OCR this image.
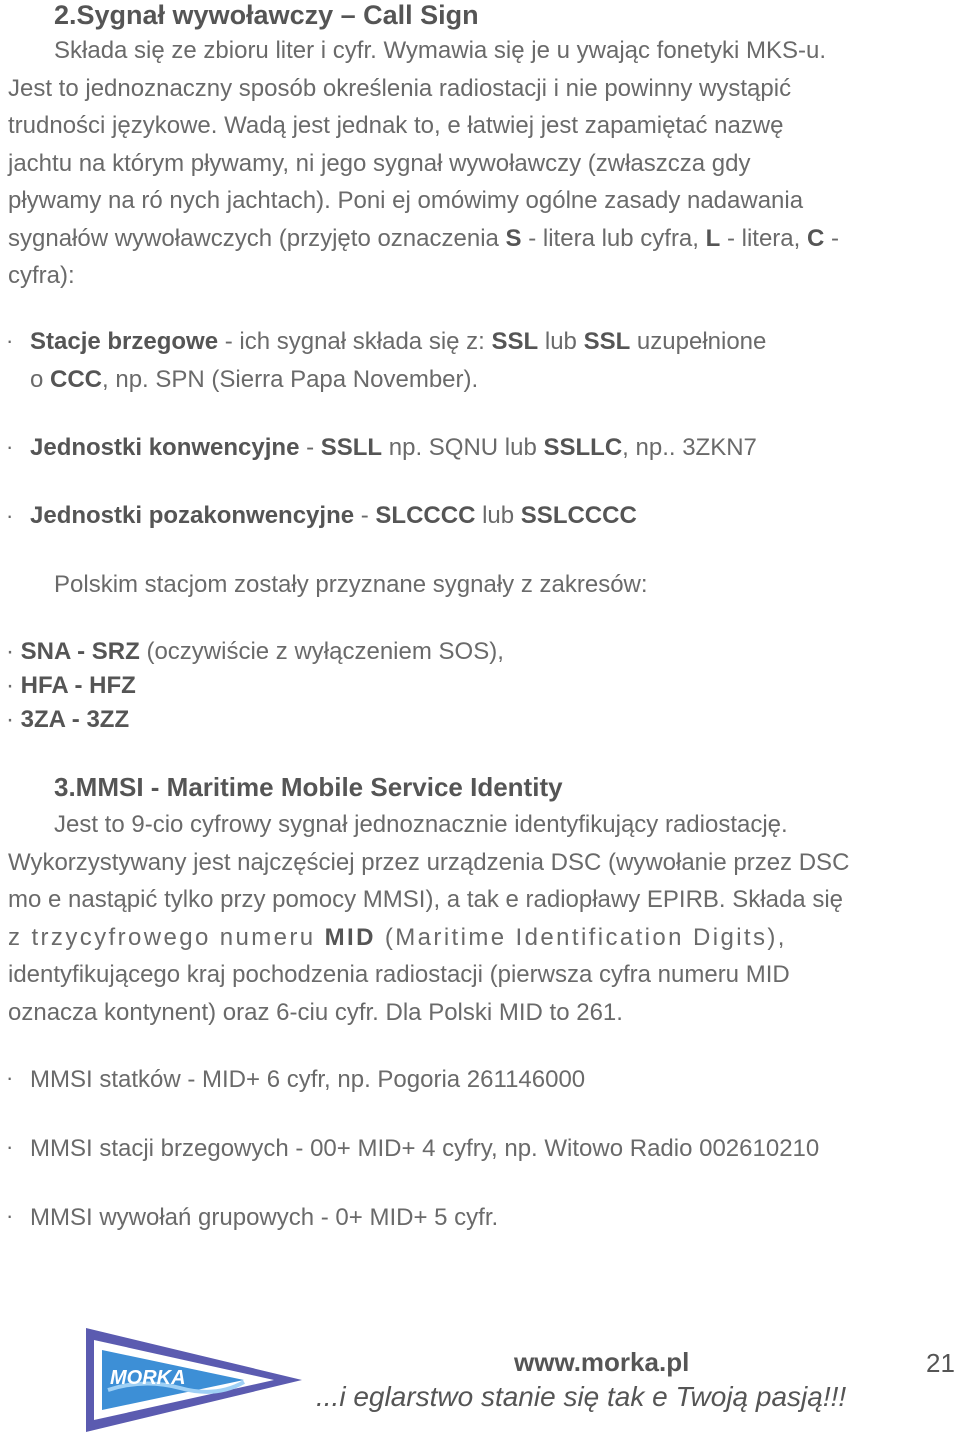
2.Sygnał wywoławczy – Call Sign

Składa się ze zbioru liter i cyfr. Wymawia się je u ywając fonetyki MKS-u.

Jest to jednoznaczny sposób określenia radiostacji i nie powinny wystąpić

trudności językowe. Wadą jest jednak to, e łatwiej jest zapamiętać nazwę

jachtu na którym pływamy, ni jego sygnał wywoławczy (zwłaszcza gdy

pływamy na ró nych jachtach). Poni ej omówimy ogólne zasady nadawania

sygnałów wywoławczych (przyjęto oznaczenia S - litera lub cyfra, L - litera, C -

cyfra):

· Stacje brzegowe - ich sygnał składa się z: SSL lub SSL uzupełnione

o CCC, np. SPN (Sierra Papa November).

· Jednostki konwencyjne - SSLL np. SQNU lub SSLLC, np.. 3ZKN7

· Jednostki pozakonwencyjne - SLCCCC lub SSLCCCC

Polskim stacjom zostały przyznane sygnały z zakresów:

· SNA - SRZ (oczywiście z wyłączeniem SOS),

· HFA - HFZ

· 3ZA - 3ZZ

3.MMSI - Maritime Mobile Service Identity

Jest to 9-cio cyfrowy sygnał jednoznacznie identyfikujący radiostację.

Wykorzystywany jest najczęściej przez urządzenia DSC (wywołanie przez DSC

mo e nastąpić tylko przy pomocy MMSI), a tak e radiopławy EPIRB. Składa się

z trzycyfrowego numeru MID (Maritime Identification Digits),

identyfikującego kraj pochodzenia radiostacji (pierwsza cyfra numeru MID

oznacza kontynent) oraz 6-ciu cyfr. Dla Polski MID to 261.

· MMSI statków - MID+ 6 cyfr, np. Pogoria 261146000

· MMSI stacji brzegowych - 00+ MID+ 4 cyfry, np. Witowo Radio 002610210

· MMSI wywołań grupowych - 0+ MID+ 5 cyfr.

MORKA
www.morka.pl	21
...i eglarstwo stanie się tak e Twoją pasją!!!
